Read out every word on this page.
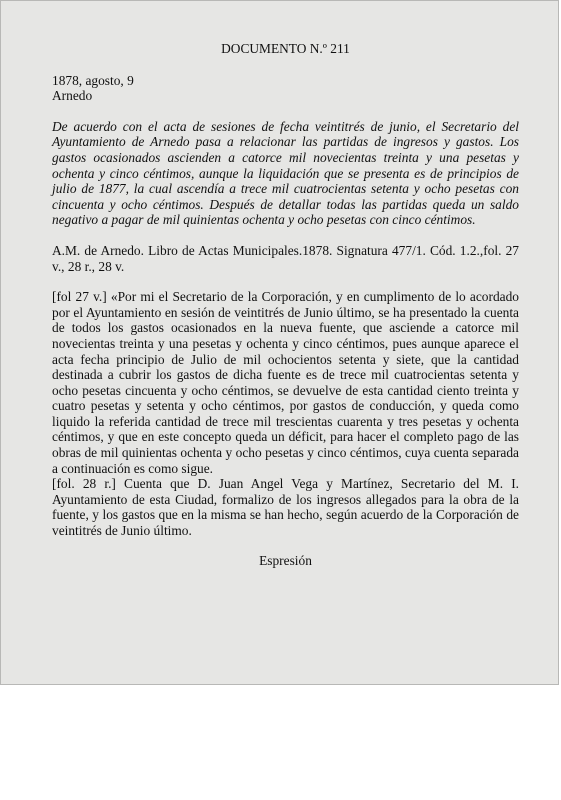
DOCUMENTO N.º 211

1878, agosto, 9

Arnedo

De acuerdo con el acta de sesiones de fecha veintitrés de junio, el Secretario del Ayuntamiento de Arnedo pasa a relacionar las partidas de ingresos y gastos. Los gastos ocasionados ascienden a catorce mil novecientas treinta y una pesetas y ochenta y cinco céntimos, aunque la liquidación que se presenta es de principios de julio de 1877, la cual ascendía a trece mil cuatrocientas setenta y ocho pesetas con cincuenta y ocho céntimos. Después de detallar todas las partidas queda un saldo negativo a pagar de mil quinientas ochenta y ocho pesetas con cinco céntimos.

A.M. de Arnedo. Libro de Actas Municipales.1878. Signatura 477/1. Cód. 1.2.,fol. 27 v., 28 r., 28 v.

[fol 27 v.] «Por mi el Secretario de la Corporación, y en cumplimento de lo acordado por el Ayuntamiento en sesión de veintitrés de Junio último, se ha presentado la cuenta de todos los gastos ocasionados en la nueva fuente, que asciende a catorce mil novecientas treinta y una pesetas y ochenta y cinco céntimos, pues aunque aparece el acta fecha principio de Julio de mil ochocientos setenta y siete, que la cantidad destinada a cubrir los gastos de dicha fuente es de trece mil cuatrocientas setenta y ocho pesetas cincuenta y ocho céntimos, se devuelve de esta cantidad ciento treinta y cuatro pesetas y setenta y ocho céntimos, por gastos de conducción, y queda como liquido la referida cantidad de trece mil trescientas cuarenta y tres pesetas y ochenta céntimos, y que en este concepto queda un déficit, para hacer el completo pago de las obras de mil quinientas ochenta y ocho pesetas y cinco céntimos, cuya cuenta separada a continuación es como sigue.

[fol. 28 r.] Cuenta que D. Juan Angel Vega y Martínez, Secretario del M. I. Ayuntamiento de esta Ciudad, formalizo de los ingresos allegados para la obra de la fuente, y los gastos que en la misma se han hecho, según acuerdo de la Corporación de veintitrés de Junio último.

Espresión
